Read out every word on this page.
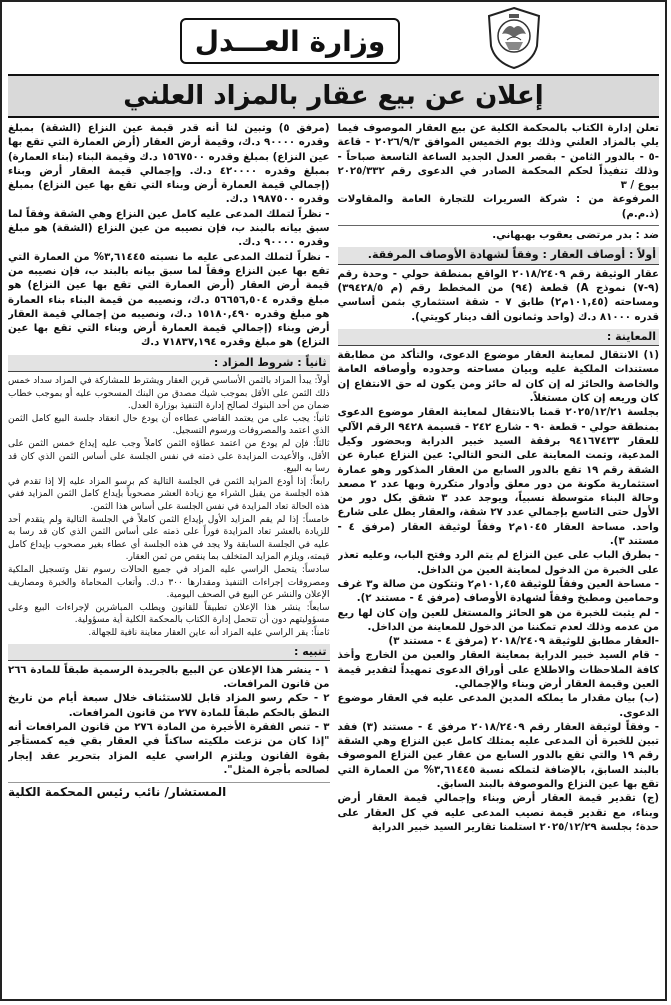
وزارة العـــدل
إعلان عن بيع عقار بالمزاد العلني

تعلن إدارة الكتاب بالمحكمة الكلية عن بيع العقار الموصوف فيما يلي بالمزاد العلني وذلك يوم الخميس الموافق ٢٠٢٦/٩/٣ - قاعة -٥ - بالدور الثامن - بقصر العدل الجديد الساعة التاسعة صباحاً - وذلك تنفيذاً لحكم المحكمة الصادر في الدعوى رقم ٢٠٢٥/٣٣٢ بيوع / ٣

المرفوعة من : شركة السريرات للتجارة العامة والمقاولات (ذ.م.م)

ضد : بدر مرتضى يعقوب بهبهاني.

أولاً : أوصاف العقار : وفقاً لشهادة الأوصاف المرفقة.

عقار الوثيقة رقم ٢٠١٨/٢٤٠٩ الواقع بمنطقة حولي - وحدة رقم (٩-٧) نموذج A) قطعة (٩٤) من المخطط رقم (م ٣٩٤٢٨/٥) ومساحته (١٠١,٤٥م٢) طابق ٧ - شقة استثماري بثمن أساسي قدره ٨١٠٠٠ د.ك (واحد وثمانون ألف دينار كويتي).

المعاينة :

(١) الانتقال لمعاينة العقار موضوع الدعوى، والتأكد من مطابقة مستندات الملكية عليه وبيان مساحته وحدوده وأوصافه العامة والخاصة والحائز له إن كان له حائز ومن يكون له حق الانتفاع إن كان وريعه إن كان مستغلاً.

بجلسة ٢٠٢٥/١٢/٢١ قمنا بالانتقال لمعاينة العقار موضوع الدعوى بمنطقة حولي - قطعة ٩٠ - شارع ٢٤٢ - قسيمة ٩٤٢٨ الرقم الآلي للعقار ٩٤١٦٧٤٣٣ برفقة السيد خبير الدراية وبحضور وكيل المدعية، وتمت المعاينة على النحو التالي: عين النزاع عبارة عن الشقة رقم ١٩ تقع بالدور السابع من العقار المذكور وهو عمارة استثمارية مكونة من دور معلق وأدوار متكررة وبها عدد ٢ مصعد وحالة البناء متوسطة نسبياً، ويوجد عدد ٣ شقق بكل دور من الأول حتى التاسع بإجمالي عدد ٢٧ شقة، والعقار يطل على شارع واحد. مساحة العقار ١٠٤٥م٢ وفقاً لوثيقة العقار (مرفق ٤ - مستند ٣).

- بطرق الباب على عين النزاع لم يتم الرد وفتح الباب، وعليه تعذر على الخبرة من الدخول لمعاينة العين من الداخل.

- مساحة العين وفقاً للوثيقة ١٠١,٤٥م٢ وتتكون من صالة و٣ غرف وحمامين ومطبخ وفقاً لشهادة الأوصاف (مرفق ٤ - مستند ٢).

- لم يثبت للخبرة من هو الحائز والمستغل للعين وإن كان لها ريع من عدمه وذلك لعدم تمكننا من الدخول للمعاينة من الداخل.

-العقار مطابق للوثيقة ٢٠١٨/٢٤٠٩ (مرفق ٤ - مستند ٣)

- قام السيد خبير الدراية بمعاينة العقار والعين من الخارج وأخذ كافة الملاحظات والاطلاع على أوراق الدعوى تمهيداً لتقدير قيمة العين وقيمة العقار أرض وبناء والإجمالي.

(ب) بيان مقدار ما يملكه المدين المدعى عليه في العقار موضوع الدعوى.

- وفقاً لوثيقة العقار رقم ٢٠١٨/٢٤٠٩ مرفق ٤ - مستند (٣) فقد تبين للخبرة أن المدعى عليه يمتلك كامل عين النزاع وهي الشقة رقم ١٩ والتي تقع بالدور السابع من عقار عين النزاع الموصوف بالبند السابق، بالإضافة لتملكه نسبة ٣,٦١٤٤٥% من العمارة التي تقع بها عين النزاع والموصوفة بالبند السابق.

(ج) تقدير قيمة العقار أرض وبناء وإجمالي قيمة العقار أرض وبناء، مع تقدير قيمة نصيب المدعى عليه في كل العقار على حدة؛ بجلسة ٢٠٢٥/١٢/٢٩ استلمنا تقارير السيد خبير الدراية

(مرفق ٥) وتبين لنا أنه قدر قيمة عين النزاع (الشقة) بمبلغ وقدره ٩٠٠٠٠ د.ك، وقيمة أرض العقار (أرض العمارة التي تقع بها عين النزاع) بمبلغ وقدره ١٥٦٧٥٠٠ د.ك وقيمة البناء (بناء العمارة) بمبلغ وقدره ٤٢٠٠٠٠ د.ك. وإجمالي قيمة العقار أرض وبناء (إجمالي قيمة العمارة أرض وبناء التي تقع بها عين النزاع) بمبلغ وقدره ١٩٨٧٥٠٠ د.ك.

- نظراً لتملك المدعى عليه كامل عين النزاع وهي الشقة وفقاً لما سبق بيانه بالبند ب، فإن نصيبه من عين النزاع (الشقة) هو مبلغ وقدره ٩٠٠٠٠ د.ك.

- نظراً لتملك المدعى عليه ما نسبته ٣,٦١٤٤٥% من العمارة التي تقع بها عين النزاع وفقاً لما سبق بيانه بالبند ب، فإن نصيبه من قيمة أرض العقار (أرض العمارة التي تقع بها عين النزاع) هو مبلغ وقدره ٥٦٦٥٦,٥٠٤ د.ك، ونصيبه من قيمة البناء بناء العمارة هو مبلغ وقدره ١٥١٨٠,٤٩٠ د.ك، ونصيبه من إجمالي قيمة العقار أرض وبناء (إجمالي قيمة العمارة أرض وبناء التي تقع بها عين النزاع) هو مبلغ وقدره ٧١٨٣٧,١٩٤ د.ك

ثانياً : شروط المزاد :

أولاً: يبدأ المزاد بالثمن الأساسي قرين العقار ويشترط للمشاركة في المزاد سداد خمس ذلك الثمن على الأقل بموجب شيك مصدق من البنك المسحوب عليه أو بموجب خطاب ضمان من أحد البنوك لصالح إدارة التنفيذ بوزارة العدل.

ثانياً: يجب على من يعتمد القاضي عطاءه أن يودع حال انعقاد جلسة البيع كامل الثمن الذي اعتمد والمصروفات ورسوم التسجيل.

ثالثاً: فإن لم يودع من اعتمد عطاؤه الثمن كاملاً وجب عليه إيداع خمس الثمن على الأقل، والأعيدت المزايدة على ذمته في نفس الجلسة على أساس الثمن الذي كان قد رسا به البيع.

رابعاً: إذا أودع المزايد الثمن في الجلسة التالية كم برسو المزاد عليه إلا إذا تقدم في هذه الجلسة من يقبل الشراء مع زيادة العشر مصحوباً بإيداع كامل الثمن المزايد ففي هذه الحالة تعاد المزايدة في نفس الجلسة على أساس هذا الثمن.

خامساً: إذا لم يقم المزايد الأول بإيداع الثمن كاملاً في الجلسة التالية ولم يتقدم أحد للزيادة بالعشر تعاد المزايدة فوراً على ذمته على أساس الثمن الذي كان قد رسا به عليه في الجلسة السابقة ولا يجد في هذه الجلسة أي عطاء بغير مصحوب بإيداع كامل قيمته، ويلزم المزايد المتخلف بما ينقص من ثمن العقار.

سادساً: يتحمل الراسي عليه المزاد في جميع الحالات رسوم نقل وتسجيل الملكية ومصروفات إجراءات التنفيذ ومقدارها ٣٠٠ د.ك. وأتعاب المحاماة والخبرة ومصاريف الإعلان والنشر عن البيع في الصحف اليومية.

سابعاً: ينشر هذا الإعلان تطبيقاً للقانون ويطلب المباشرين لإجراءات البيع وعلى مسؤوليتهم دون أن تتحمل إدارة الكتاب بالمحكمة الكلية أية مسؤولية.

ثامناً: يقر الراسي عليه المزاد أنه عاين العقار معاينة نافية للجهالة.

تنبيه :

١ - ينشر هذا الإعلان عن البيع بالجريدة الرسمية طبقاً للمادة ٢٦٦ من قانون المرافعات.

٢ - حكم رسو المزاد قابل للاستئناف خلال سبعة أيام من تاريخ النطق بالحكم طبقاً للمادة ٢٧٧ من قانون المرافعات.

٣ - تنص الفقرة الأخيرة من المادة ٢٧٦ من قانون المرافعات أنه "إذا كان من نزعت ملكيته ساكناً في العقار بقي فيه كمستأجر بقوة القانون ويلتزم الراسي عليه المزاد بتحرير عقد إيجار لصالحه بأجرة المثل".

المستشار/ نائب رئيس المحكمة الكلية
